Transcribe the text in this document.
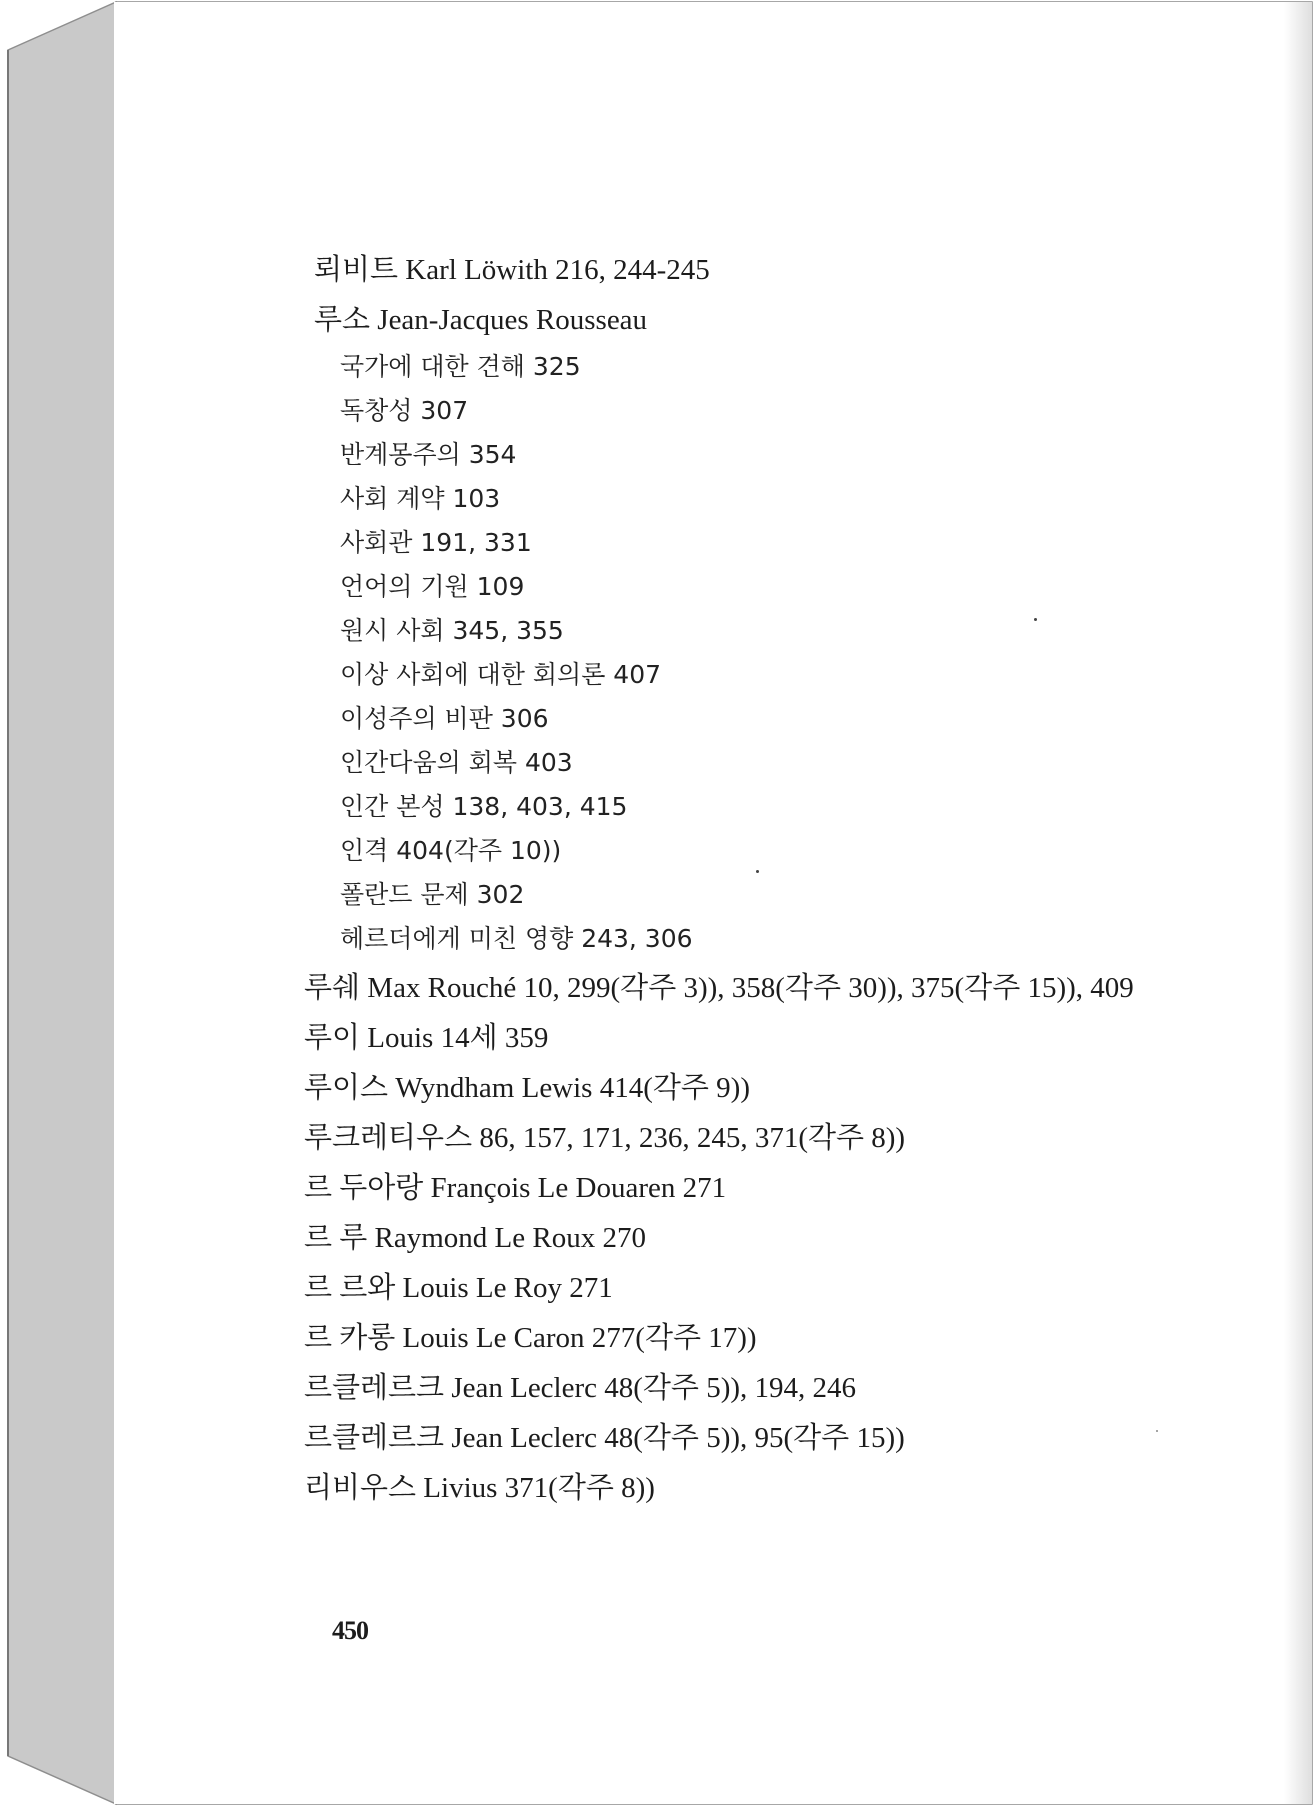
뢰비트 Karl Löwith 216, 244-245
루소 Jean-Jacques Rousseau
국가에 대한 견해 325
독창성 307
반계몽주의 354
사회 계약 103
사회관 191, 331
언어의 기원 109
원시 사회 345, 355
이상 사회에 대한 회의론 407
이성주의 비판 306
인간다움의 회복 403
인간 본성 138, 403, 415
인격 404(각주 10))
폴란드 문제 302
헤르더에게 미친 영향 243, 306
루쉐 Max Rouché 10, 299(각주 3)), 358(각주 30)), 375(각주 15)), 409
루이 Louis 14세 359
루이스 Wyndham Lewis 414(각주 9))
루크레티우스 86, 157, 171, 236, 245, 371(각주 8))
르 두아랑 François Le Douaren 271
르 루 Raymond Le Roux 270
르 르와 Louis Le Roy 271
르 카롱 Louis Le Caron 277(각주 17))
르클레르크 Jean Leclerc 48(각주 5)), 194, 246
르클레르크 Jean Leclerc 48(각주 5)), 95(각주 15))
리비우스 Livius 371(각주 8))
450
